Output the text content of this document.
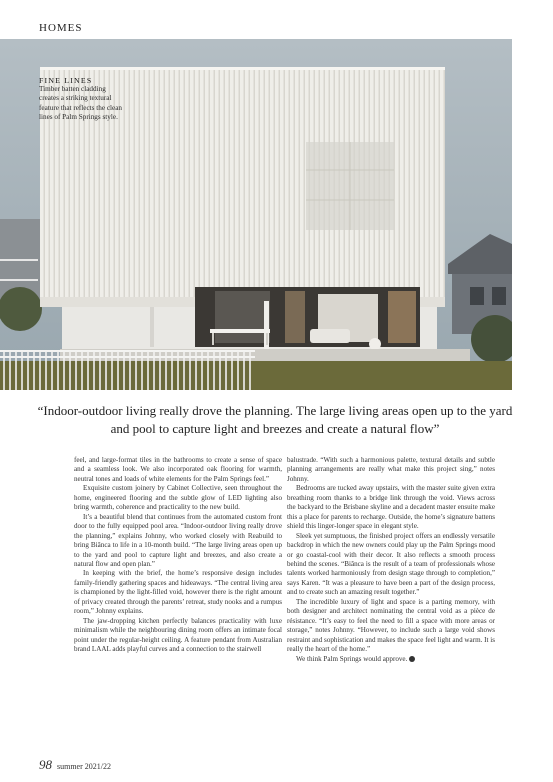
HOMES
FINE LINES
Timber batten cladding creates a striking textural feature that reflects the clean lines of Palm Springs style.
“Indoor-outdoor living really drove the planning. The large living areas open up to the yard and pool to capture light and breezes and create a natural flow”

feel, and large-format tiles in the bathrooms to create a sense of space and a seamless look. We also incorporated oak flooring for warmth, neutral tones and loads of white elements for the Palm Springs feel.”

Exquisite custom joinery by Cabinet Collective, seen throughout the home, engineered flooring and the subtle glow of LED lighting also bring warmth, coherence and practicality to the new build.

It’s a beautiful blend that continues from the automated custom front door to the fully equipped pool area. “Indoor-outdoor living really drove the planning,” explains Johnny, who worked closely with Reabuild to bring Biânca to life in a 10-month build. “The large living areas open up to the yard and pool to capture light and breezes, and also create a natural flow and open plan.”

In keeping with the brief, the home’s responsive design includes family-friendly gathering spaces and hideaways. “The central living area is championed by the light-filled void, however there is the right amount of privacy created through the parents’ retreat, study nooks and a rumpus room,” Johnny explains.

The jaw-dropping kitchen perfectly balances practicality with luxe minimalism while the neighbouring dining room offers an intimate focal point under the regular-height ceiling. A feature pendant from Australian brand LAAL adds playful curves and a connection to the stairwell

balustrade. “With such a harmonious palette, textural details and subtle planning arrangements are really what make this project sing,” notes Johnny.

Bedrooms are tucked away upstairs, with the master suite given extra breathing room thanks to a bridge link through the void. Views across the backyard to the Brisbane skyline and a decadent master ensuite make this a place for parents to recharge. Outside, the home’s signature battens shield this linger-longer space in elegant style.

Sleek yet sumptuous, the finished project offers an endlessly versatile backdrop in which the new owners could play up the Palm Springs mood or go coastal-cool with their decor. It also reflects a smooth process behind the scenes. “Biânca is the result of a team of professionals whose talents worked harmoniously from design stage through to completion,” says Karen. “It was a pleasure to have been a part of the design process, and to create such an amazing result together.”

The incredible luxury of light and space is a parting memory, with both designer and architect nominating the central void as a pièce de résistance. “It’s easy to feel the need to fill a space with more areas or storage,” notes Johnny. “However, to include such a large void shows restraint and sophistication and makes the space feel light and warm. It is really the heart of the home.”

We think Palm Springs would approve.

98 summer 2021/22
